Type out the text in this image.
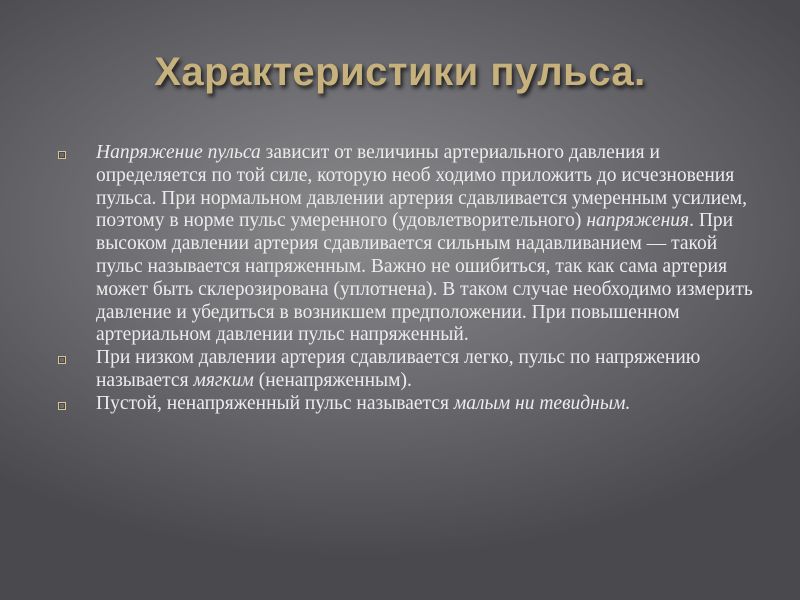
Характеристики пульса.
Напряжение пульса зависит от величины артериального давления и определяется по той силе, которую необ ходимо приложить до исчезновения пульса. При нормальном давлении артерия сдавливается умеренным усилием, поэтому в норме пульс умеренного (удовлетворительного) напряжения. При высоком давлении артерия сдавливается сильным надавливанием — такой пульс называется напряженным. Важно не ошибиться, так как сама артерия может быть склерозирована (уплотнена). В таком случае необходимо измерить давление и убедиться в возникшем предположении. При повышенном артериальном давлении пульс напряженный.
При низком давлении артерия сдавливается легко, пульс по напряжению называется мягким (ненапряженным).
Пустой, ненапряженный пульс называется малым ни тевидным.
